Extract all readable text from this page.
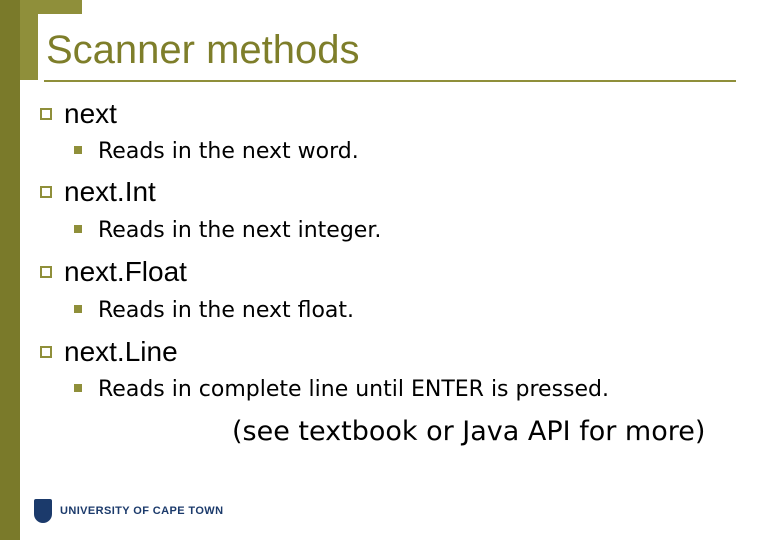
Scanner methods
next
Reads in the next word.
next.Int
Reads in the next integer.
next.Float
Reads in the next float.
next.Line
Reads in complete line until ENTER is pressed.
(see textbook or Java API for more)
UNIVERSITY OF CAPE TOWN
